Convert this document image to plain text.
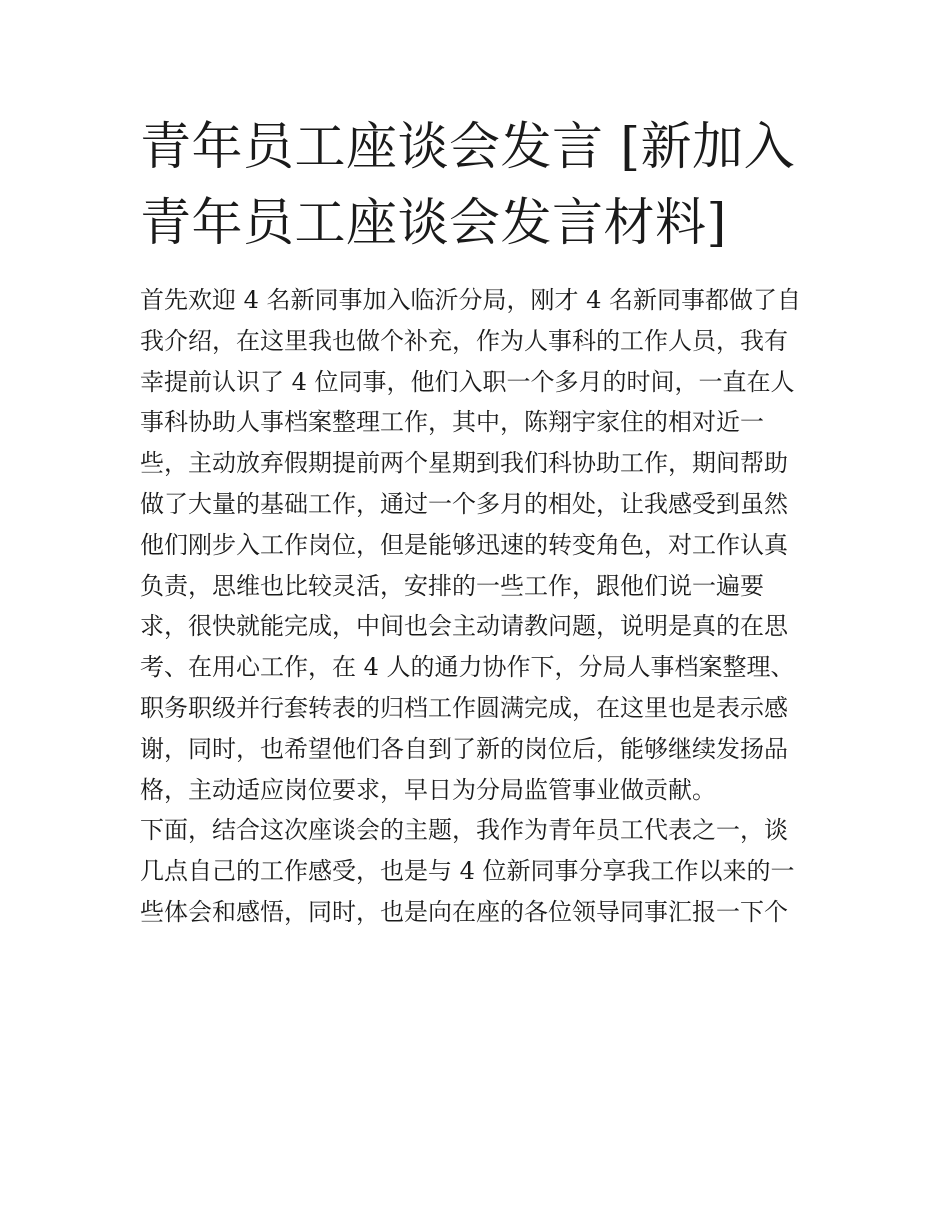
青年员工座谈会发言 [新加入
青年员工座谈会发言材料]
首先欢迎 4 名新同事加入临沂分局，刚才 4 名新同事都做了自
我介绍，在这里我也做个补充，作为人事科的工作人员，我有
幸提前认识了 4 位同事，他们入职一个多月的时间，一直在人
事科协助人事档案整理工作，其中，陈翔宇家住的相对近一
些，主动放弃假期提前两个星期到我们科协助工作，期间帮助
做了大量的基础工作，通过一个多月的相处，让我感受到虽然
他们刚步入工作岗位，但是能够迅速的转变角色，对工作认真
负责，思维也比较灵活，安排的一些工作，跟他们说一遍要
求，很快就能完成，中间也会主动请教问题，说明是真的在思
考、在用心工作，在 4 人的通力协作下，分局人事档案整理、
职务职级并行套转表的归档工作圆满完成，在这里也是表示感
谢，同时，也希望他们各自到了新的岗位后，能够继续发扬品
格，主动适应岗位要求，早日为分局监管事业做贡献。
下面，结合这次座谈会的主题，我作为青年员工代表之一，谈
几点自己的工作感受，也是与 4 位新同事分享我工作以来的一
些体会和感悟，同时，也是向在座的各位领导同事汇报一下个
